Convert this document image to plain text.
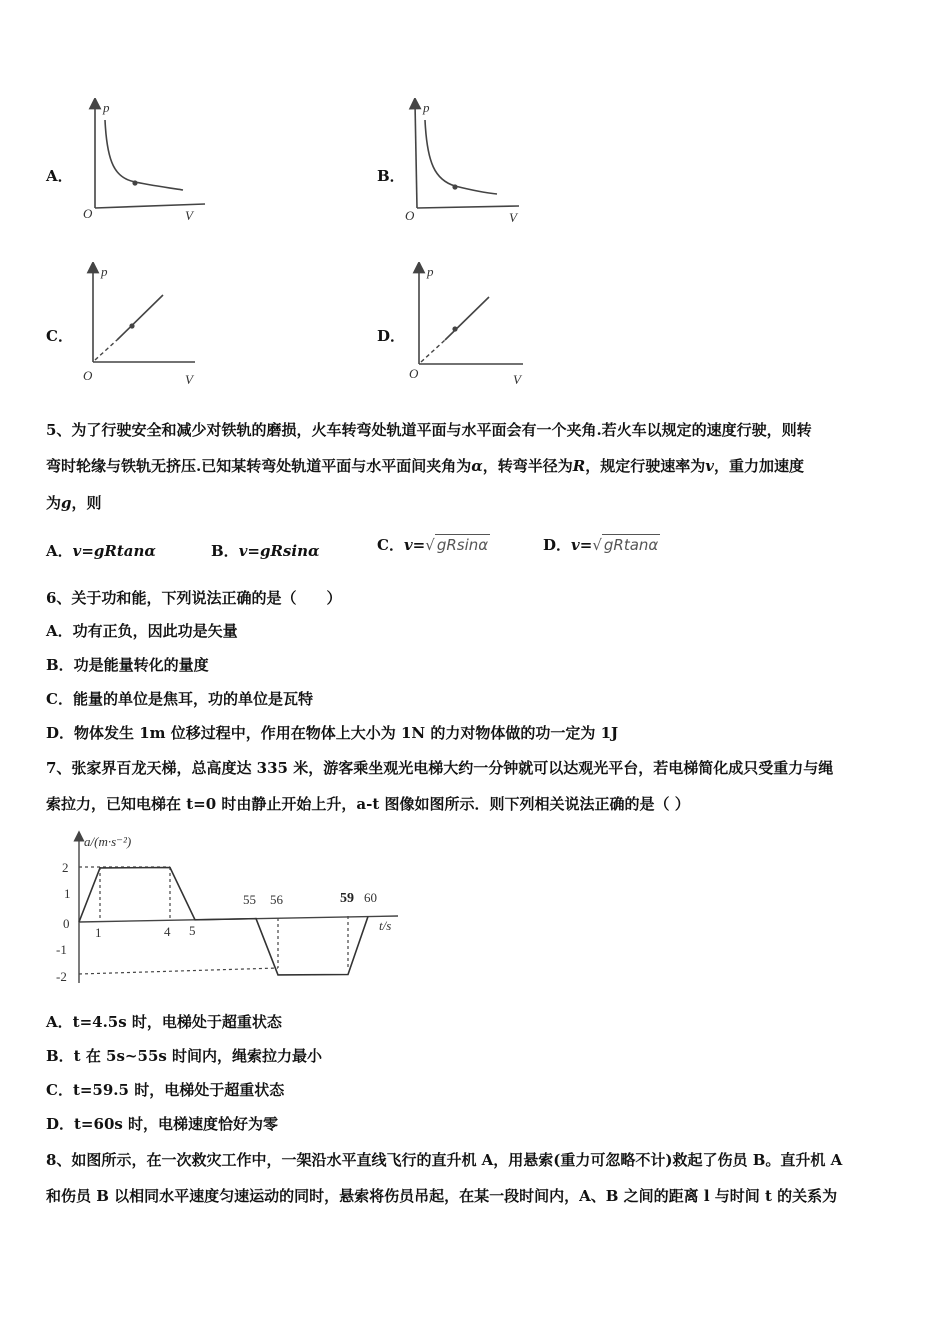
A．
p
O	V
B．
p
O	V
C．
p
O	V
D．
p
O	V
5、为了行驶安全和减少对铁轨的磨损，火车转弯处轨道平面与水平面会有一个夹角.若火车以规定的速度行驶，则转
弯时轮缘与铁轨无挤压.已知某转弯处轨道平面与水平面间夹角为α，转弯半径为R，规定行驶速率为v，重力加速度
为g，则
A．v=gRtanα	B．v=gRsinα	C．v=√ gRsinα	D．v=√ gRtanα
6、关于功和能，下列说法正确的是（　　）
A．功有正负，因此功是矢量
B．功是能量转化的量度
C．能量的单位是焦耳，功的单位是瓦特
D．物体发生 1m 位移过程中，作用在物体上大小为 1N 的力对物体做的功一定为 1J
7、张家界百龙天梯，总高度达 335 米，游客乘坐观光电梯大约一分钟就可以达观光平台，若电梯简化成只受重力与绳
索拉力，已知电梯在 t=0 时由静止开始上升，a-t 图像如图所示．则下列相关说法正确的是（ ）
a/(m·s⁻²)
t/s
2
1
0
-1
-2
1	4 5
55 56	59 60
A．t=4.5s 时，电梯处于超重状态
B．t 在 5s~55s 时间内，绳索拉力最小
C．t=59.5 时，电梯处于超重状态
D．t=60s 时，电梯速度恰好为零
8、如图所示，在一次救灾工作中，一架沿水平直线飞行的直升机 A，用悬索(重力可忽略不计)救起了伤员 B。直升机 A
和伤员 B 以相同水平速度匀速运动的同时，悬索将伤员吊起，在某一段时间内，A、B 之间的距离 l 与时间 t 的关系为
